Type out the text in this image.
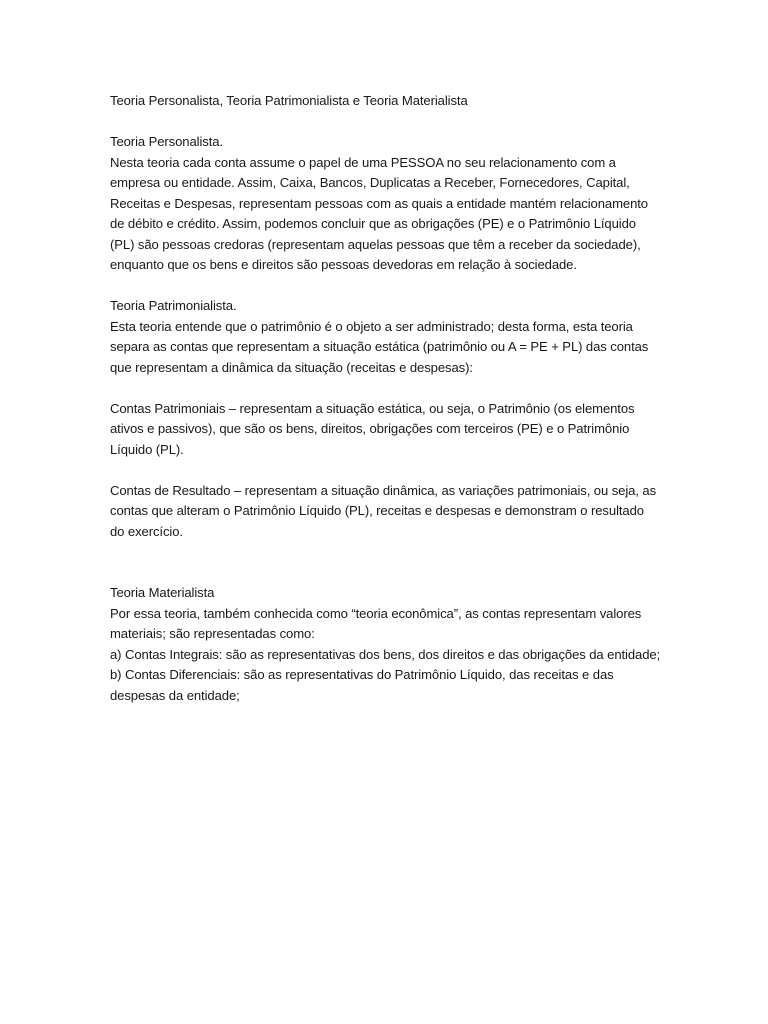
Teoria Personalista, Teoria Patrimonialista e Teoria Materialista
Teoria Personalista.
Nesta teoria cada conta assume o papel de uma PESSOA no seu relacionamento com a
empresa ou entidade. Assim, Caixa, Bancos, Duplicatas a Receber, Fornecedores, Capital,
Receitas e Despesas, representam pessoas com as quais a entidade mantém relacionamento
de débito e crédito. Assim, podemos concluir que as obrigações (PE) e o Patrimônio Líquido
(PL) são pessoas credoras (representam aquelas pessoas que têm a receber da sociedade),
enquanto que os bens e direitos são pessoas devedoras em relação à sociedade.
Teoria Patrimonialista.
Esta teoria entende que o patrimônio é o objeto a ser administrado; desta forma, esta teoria
separa as contas que representam a situação estática (patrimônio ou A = PE + PL) das contas
que representam a dinâmica da situação (receitas e despesas):
Contas Patrimoniais – representam a situação estática, ou seja, o Patrimônio (os elementos
ativos e passivos), que são os bens, direitos, obrigações com terceiros (PE) e o Patrimônio
Líquido (PL).
Contas de Resultado – representam a situação dinâmica, as variações patrimoniais, ou seja, as
contas que alteram o Patrimônio Líquido (PL), receitas e despesas e demonstram o resultado
do exercício.
Teoria Materialista
Por essa teoria, também conhecida como “teoria econômica”, as contas representam valores
materiais; são representadas como:
a) Contas Integrais: são as representativas dos bens, dos direitos e das obrigações da entidade;
b) Contas Diferenciais: são as representativas do Patrimônio Líquido, das receitas e das
despesas da entidade;
